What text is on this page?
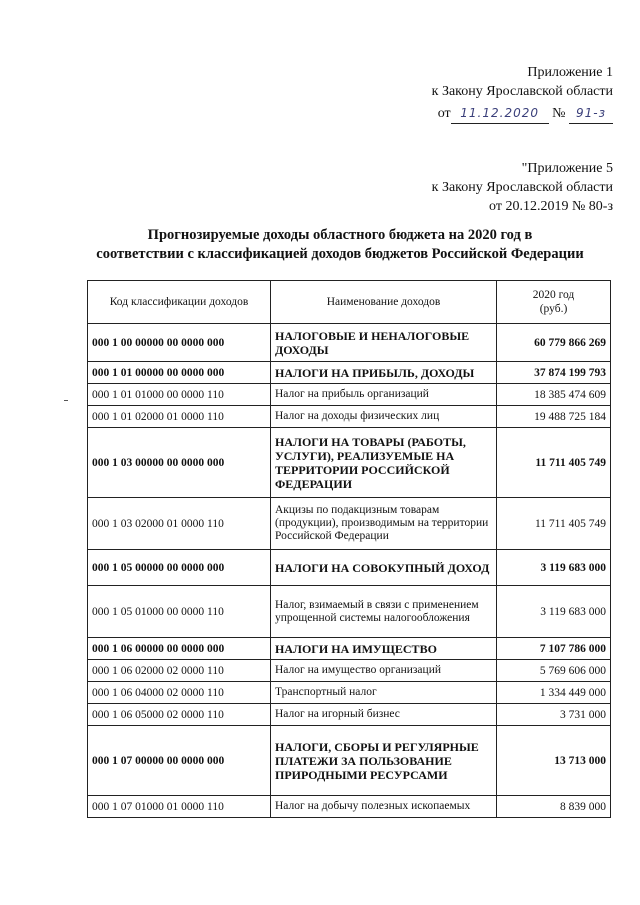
Приложение 1
к Закону Ярославской области
от 11.12.2020 № 91-з
"Приложение 5
к Закону Ярославской области
от 20.12.2019 № 80-з
Прогнозируемые доходы областного бюджета на 2020 год в
соответствии с классификацией доходов бюджетов Российской Федерации
Код классификации доходов	Наименование доходов	2020 год
(руб.)

000 1 00 00000 00 0000 000	НАЛОГОВЫЕ И НЕНАЛОГОВЫЕ ДОХОДЫ	60 779 866 269
000 1 01 00000 00 0000 000	НАЛОГИ НА ПРИБЫЛЬ, ДОХОДЫ	37 874 199 793
000 1 01 01000 00 0000 110	Налог на прибыль организаций	18 385 474 609
000 1 01 02000 01 0000 110	Налог на доходы физических лиц	19 488 725 184
000 1 03 00000 00 0000 000	НАЛОГИ НА ТОВАРЫ (РАБОТЫ, УСЛУГИ), РЕАЛИЗУЕМЫЕ НА ТЕРРИТОРИИ РОССИЙСКОЙ ФЕДЕРАЦИИ	11 711 405 749
000 1 03 02000 01 0000 110	Акцизы по подакцизным товарам (продукции), производимым на территории Российской Федерации	11 711 405 749
000 1 05 00000 00 0000 000	НАЛОГИ НА СОВОКУПНЫЙ ДОХОД	3 119 683 000
000 1 05 01000 00 0000 110	Налог, взимаемый в связи с применением упрощенной системы налогообложения	3 119 683 000
000 1 06 00000 00 0000 000	НАЛОГИ НА ИМУЩЕСТВО	7 107 786 000
000 1 06 02000 02 0000 110	Налог на имущество организаций	5 769 606 000
000 1 06 04000 02 0000 110	Транспортный налог	1 334 449 000
000 1 06 05000 02 0000 110	Налог на игорный бизнес	3 731 000
000 1 07 00000 00 0000 000	НАЛОГИ, СБОРЫ И РЕГУЛЯРНЫЕ ПЛАТЕЖИ ЗА ПОЛЬЗОВАНИЕ ПРИРОДНЫМИ РЕСУРСАМИ	13 713 000
000 1 07 01000 01 0000 110	Налог на добычу полезных ископаемых	8 839 000
